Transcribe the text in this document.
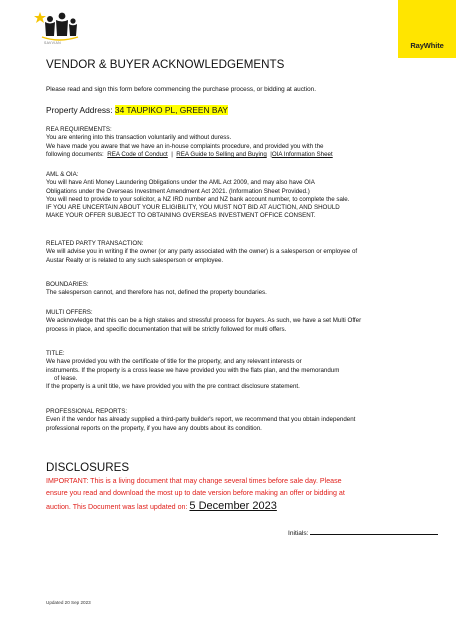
SAVVIAN	RayWhite
VENDOR & BUYER ACKNOWLEDGEMENTS
Please read and sign this form before commencing the purchase process, or bidding at auction.
Property Address: 34 TAUPIKO PL, GREEN BAY
REA REQUIREMENTS:

You are entering into this transaction voluntarily and without duress.

We have made you aware that we have an in-house complaints procedure, and provided you with the

following documents: REA Code of Conduct | REA Guide to Selling and Buying |OIA Information Sheet

AML & OIA:

You will have Anti Money Laundering Obligations under the AML Act 2009, and may also have OIA

Obligations under the Overseas Investment Amendment Act 2021. (Information Sheet Provided.)

You will need to provide to your solicitor, a NZ IRD number and NZ bank account number, to complete the sale.

IF YOU ARE UNCERTAIN ABOUT YOUR ELIGIBILITY, YOU MUST NOT BID AT AUCTION, AND SHOULD

MAKE YOUR OFFER SUBJECT TO OBTAINING OVERSEAS INVESTMENT OFFICE CONSENT.

RELATED PARTY TRANSACTION:

We will advise you in writing if the owner (or any party associated with the owner) is a salesperson or employee of

Austar Realty or is related to any such salesperson or employee.

BOUNDARIES:

The salesperson cannot, and therefore has not, defined the property boundaries.

MULTI OFFERS:

We acknowledge that this can be a high stakes and stressful process for buyers. As such, we have a set Multi Offer

process in place, and specific documentation that will be strictly followed for multi offers.

TITLE:

We have provided you with the certificate of title for the property, and any relevant interests or

instruments. If the property is a cross lease we have provided you with the flats plan, and the memorandum

of lease.

If the property is a unit title, we have provided you with the pre contract disclosure statement.

PROFESSIONAL REPORTS:

Even if the vendor has already supplied a third-party builder's report, we recommend that you obtain independent

professional reports on the property, if you have any doubts about its condition.

DISCLOSURES
IMPORTANT: This is a living document that may change several times before sale day. Please
ensure you read and download the most up to date version before making an offer or bidding at
auction. This Document was last updated on: 5 December 2023
Initials:
Updated 20 Sep 2023
